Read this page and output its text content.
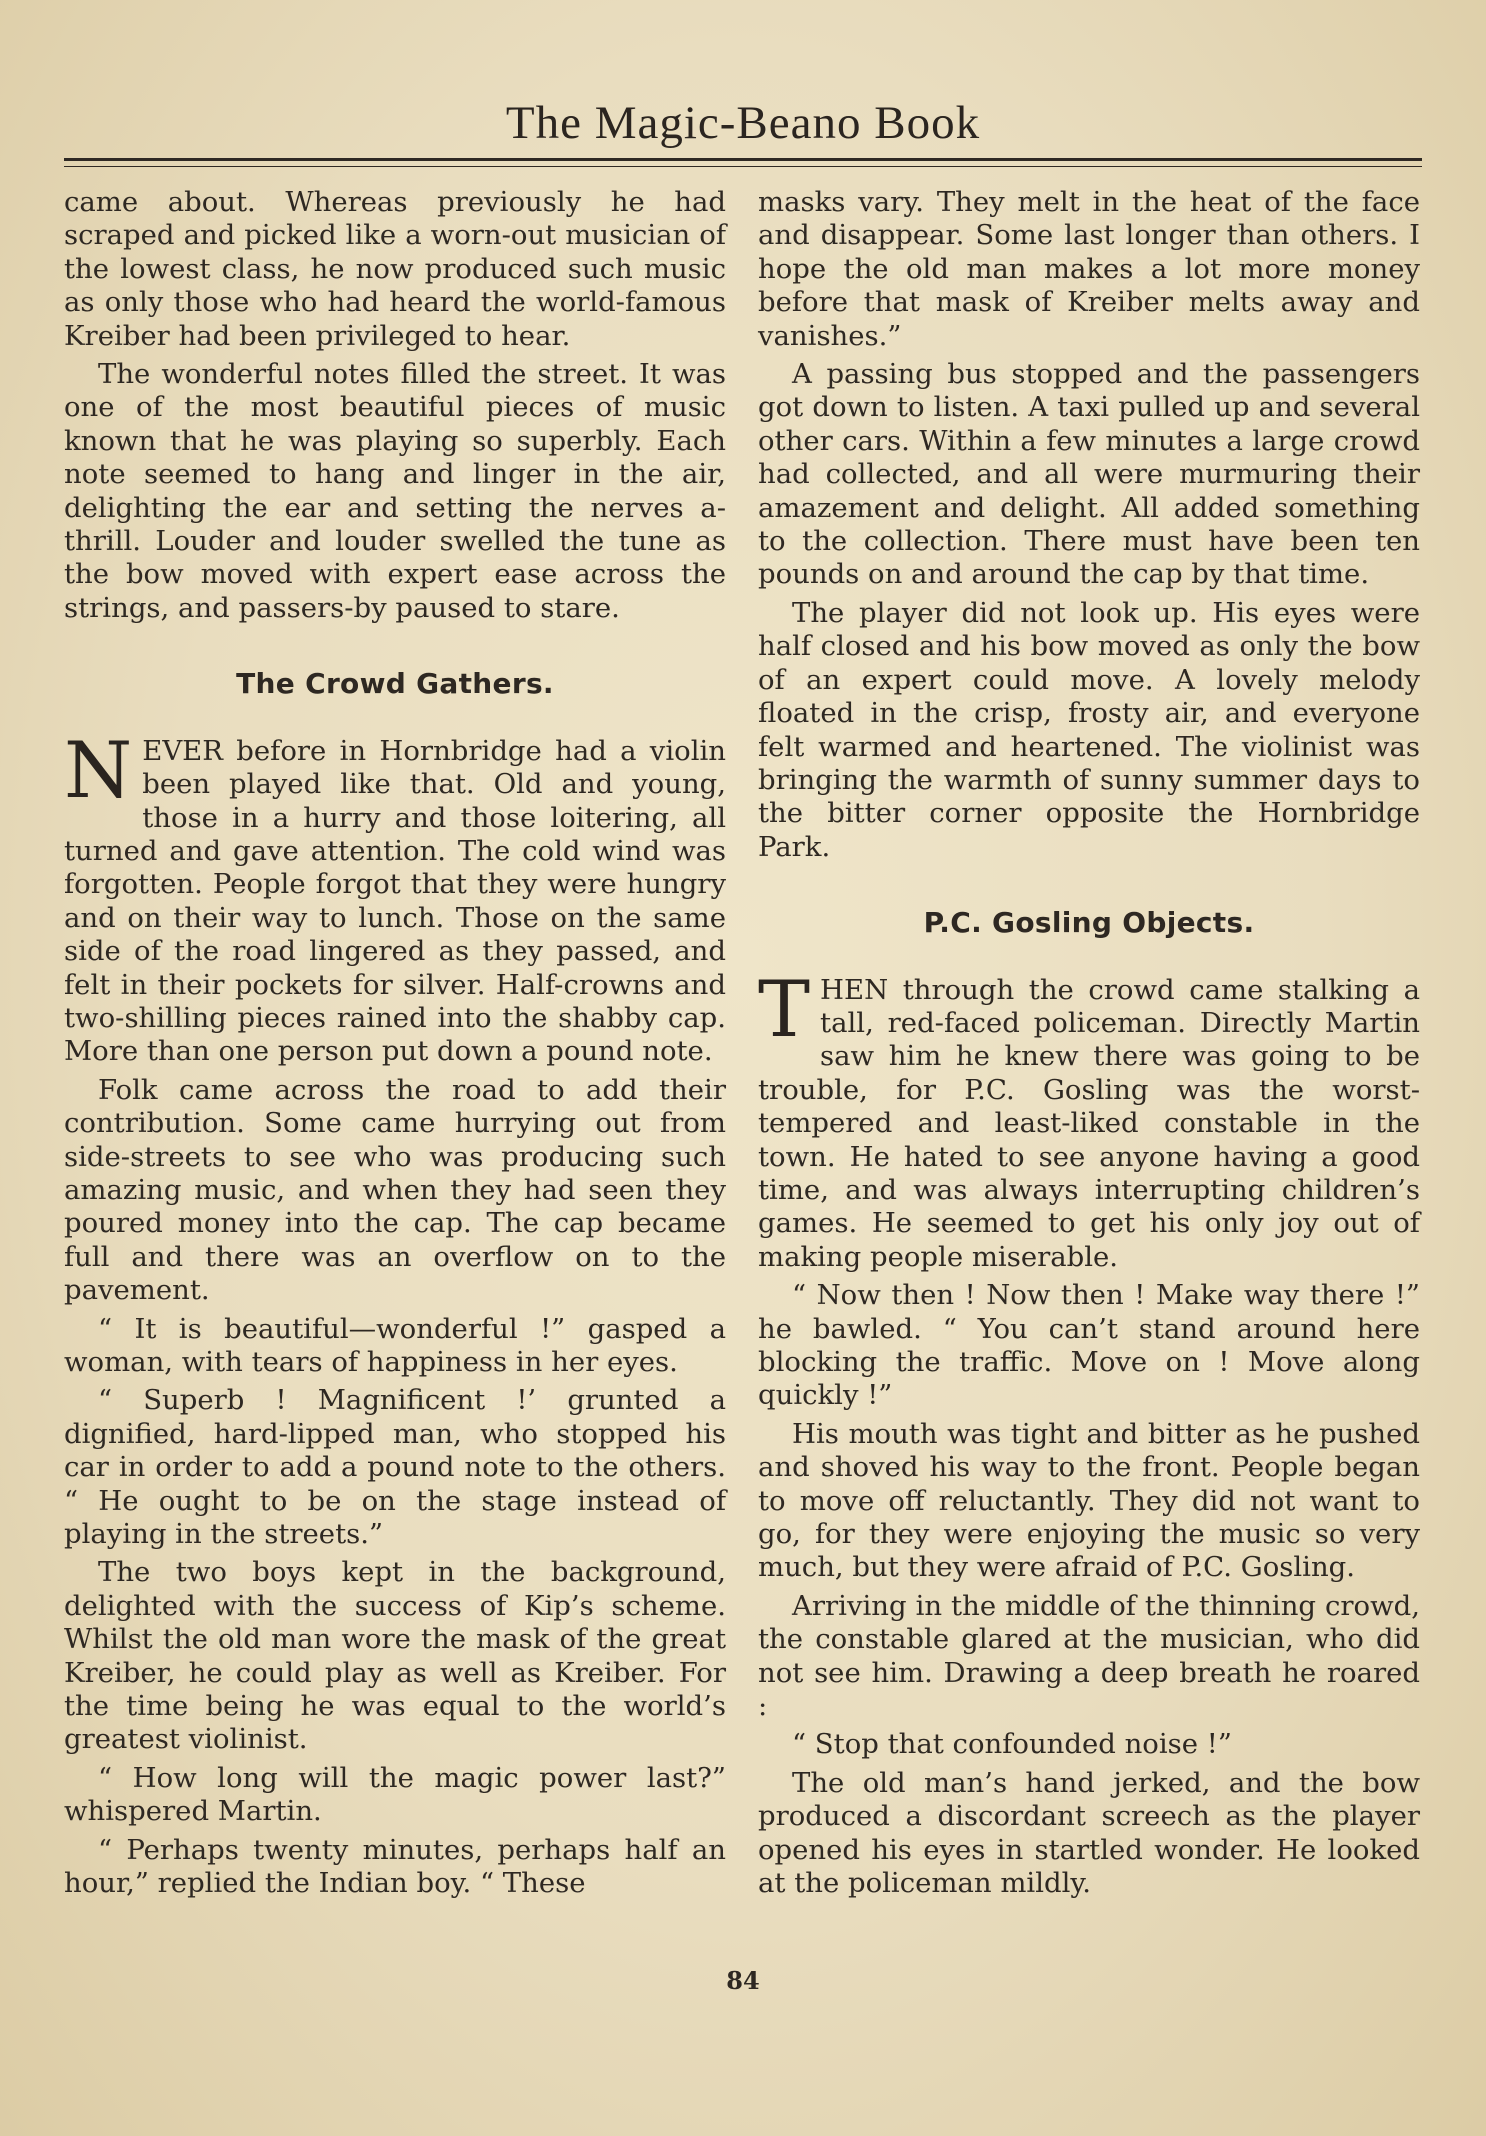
The Magic-Beano Book

came about. Whereas previously he had scraped and picked like a worn-out musician of the lowest class, he now produced such music as only those who had heard the world-famous Kreiber had been privileged to hear.

The wonderful notes filled the street. It was one of the most beautiful pieces of music known that he was playing so superbly. Each note seemed to hang and linger in the air, delighting the ear and setting the nerves a-thrill. Louder and louder swelled the tune as the bow moved with expert ease across the strings, and passers-by paused to stare.

The Crowd Gathers.

NEVER before in Hornbridge had a violin been played like that. Old and young, those in a hurry and those loitering, all turned and gave attention. The cold wind was forgotten. People forgot that they were hungry and on their way to lunch. Those on the same side of the road lingered as they passed, and felt in their pockets for silver. Half-crowns and two-shilling pieces rained into the shabby cap. More than one person put down a pound note.

Folk came across the road to add their contribution. Some came hurrying out from side-streets to see who was producing such amazing music, and when they had seen they poured money into the cap. The cap became full and there was an overflow on to the pavement.

“ It is beautiful—wonderful !” gasped a woman, with tears of happiness in her eyes.

“ Superb ! Magnificent !’ grunted a dignified, hard-lipped man, who stopped his car in order to add a pound note to the others. “ He ought to be on the stage instead of playing in the streets.”

The two boys kept in the background, delighted with the success of Kip’s scheme. Whilst the old man wore the mask of the great Kreiber, he could play as well as Kreiber. For the time being he was equal to the world’s greatest violinist.

“ How long will the magic power last?” whispered Martin.

“ Perhaps twenty minutes, perhaps half an hour,” replied the Indian boy. “ These

masks vary. They melt in the heat of the face and disappear. Some last longer than others. I hope the old man makes a lot more money before that mask of Kreiber melts away and vanishes.”

A passing bus stopped and the passengers got down to listen. A taxi pulled up and several other cars. Within a few minutes a large crowd had collected, and all were murmuring their amazement and delight. All added something to the collection. There must have been ten pounds on and around the cap by that time.

The player did not look up. His eyes were half closed and his bow moved as only the bow of an expert could move. A lovely melody floated in the crisp, frosty air, and everyone felt warmed and heartened. The violinist was bringing the warmth of sunny summer days to the bitter corner opposite the Hornbridge Park.

P.C. Gosling Objects.

THEN through the crowd came stalking a tall, red-faced policeman. Directly Martin saw him he knew there was going to be trouble, for P.C. Gosling was the worst-tempered and least-liked constable in the town. He hated to see anyone having a good time, and was always interrupting children’s games. He seemed to get his only joy out of making people miserable.

“ Now then ! Now then ! Make way there !” he bawled. “ You can’t stand around here blocking the traffic. Move on ! Move along quickly !”

His mouth was tight and bitter as he pushed and shoved his way to the front. People began to move off reluctantly. They did not want to go, for they were enjoying the music so very much, but they were afraid of P.C. Gosling.

Arriving in the middle of the thinning crowd, the constable glared at the musician, who did not see him. Drawing a deep breath he roared :

“ Stop that confounded noise !”

The old man’s hand jerked, and the bow produced a discordant screech as the player opened his eyes in startled wonder. He looked at the policeman mildly.

84
